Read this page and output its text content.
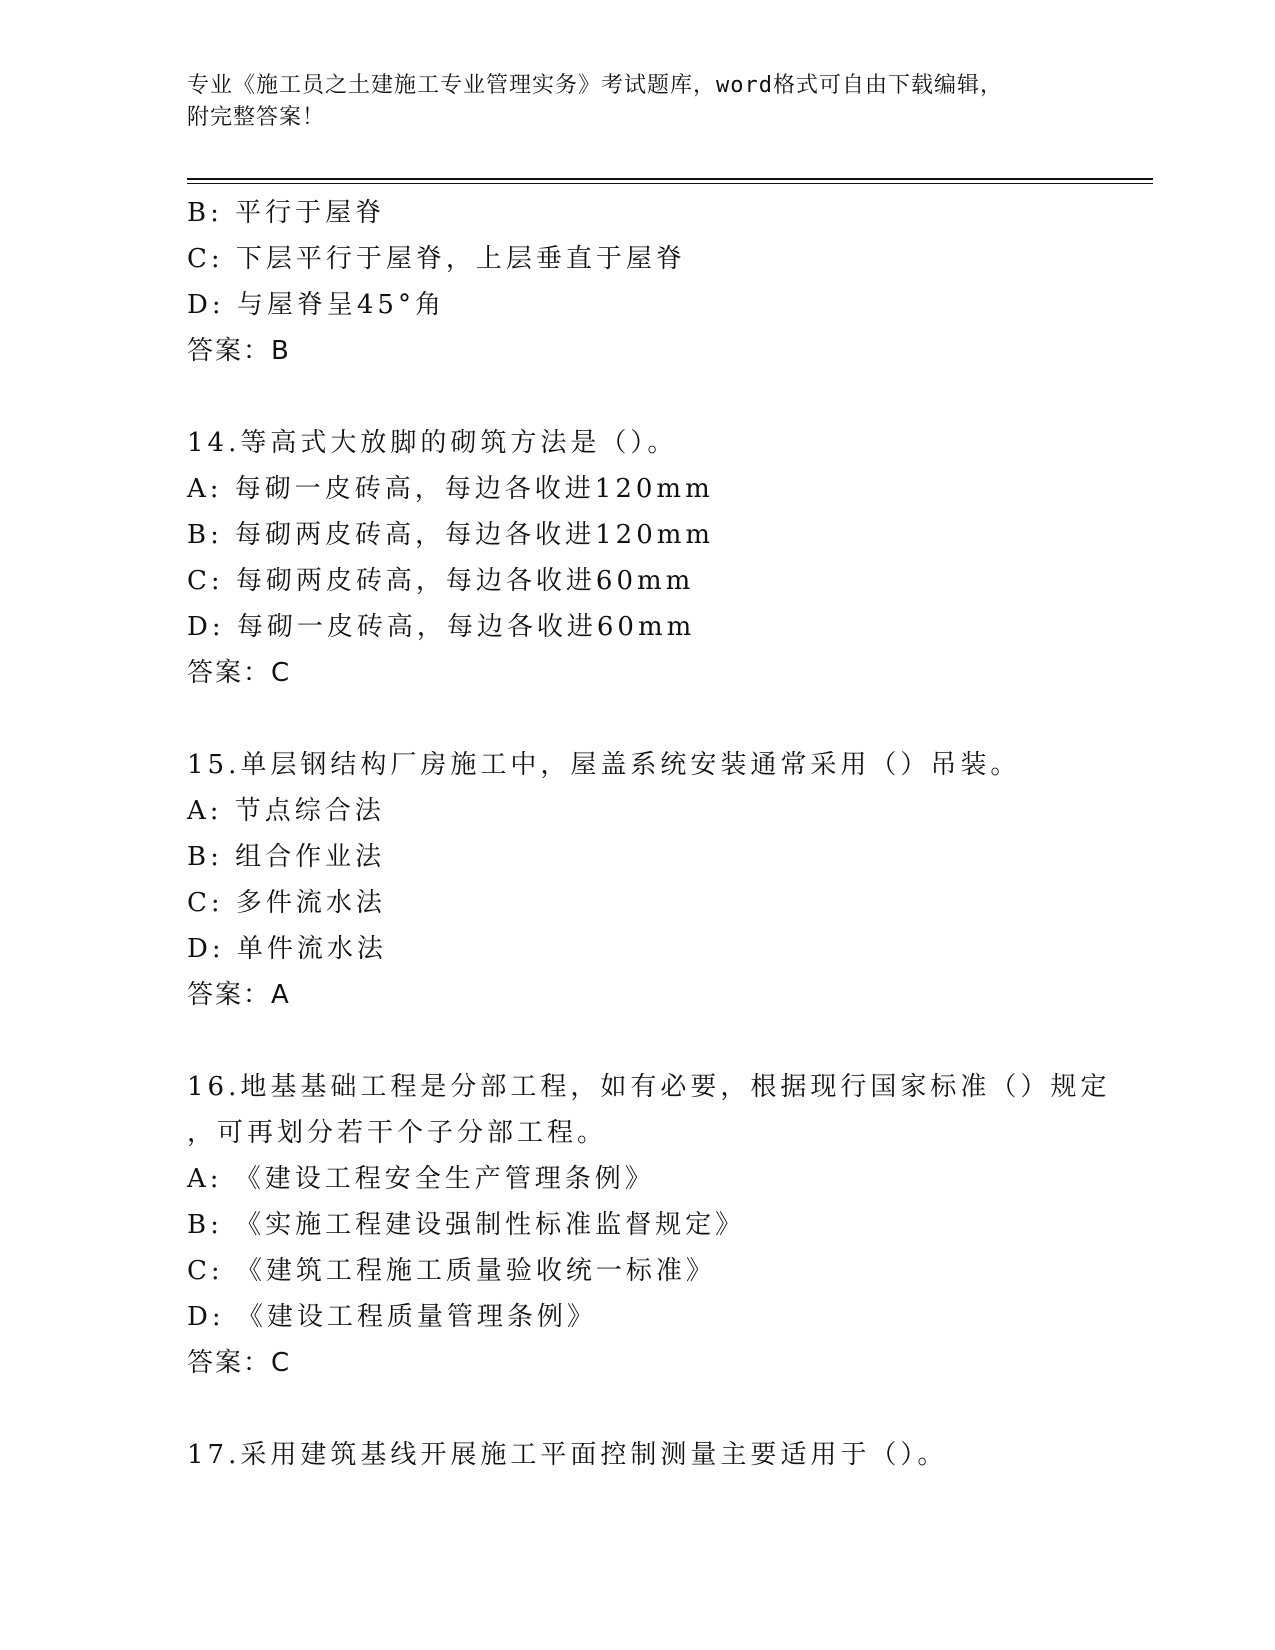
专业《施工员之土建施工专业管理实务》考试题库，word格式可自由下载编辑，
附完整答案！
B: 平行于屋脊
C: 下层平行于屋脊，上层垂直于屋脊
D: 与屋脊呈45°角
答案：B
14.等高式大放脚的砌筑方法是（）。
A: 每砌一皮砖高，每边各收进120mm
B: 每砌两皮砖高，每边各收进120mm
C: 每砌两皮砖高，每边各收进60mm
D: 每砌一皮砖高，每边各收进60mm
答案：C
15.单层钢结构厂房施工中，屋盖系统安装通常采用（）吊装。
A: 节点综合法
B: 组合作业法
C: 多件流水法
D: 单件流水法
答案：A
16.地基基础工程是分部工程，如有必要，根据现行国家标准（）规定
，可再划分若干个子分部工程。
A: 《建设工程安全生产管理条例》
B: 《实施工程建设强制性标准监督规定》
C: 《建筑工程施工质量验收统一标准》
D: 《建设工程质量管理条例》
答案：C
17.采用建筑基线开展施工平面控制测量主要适用于（）。
